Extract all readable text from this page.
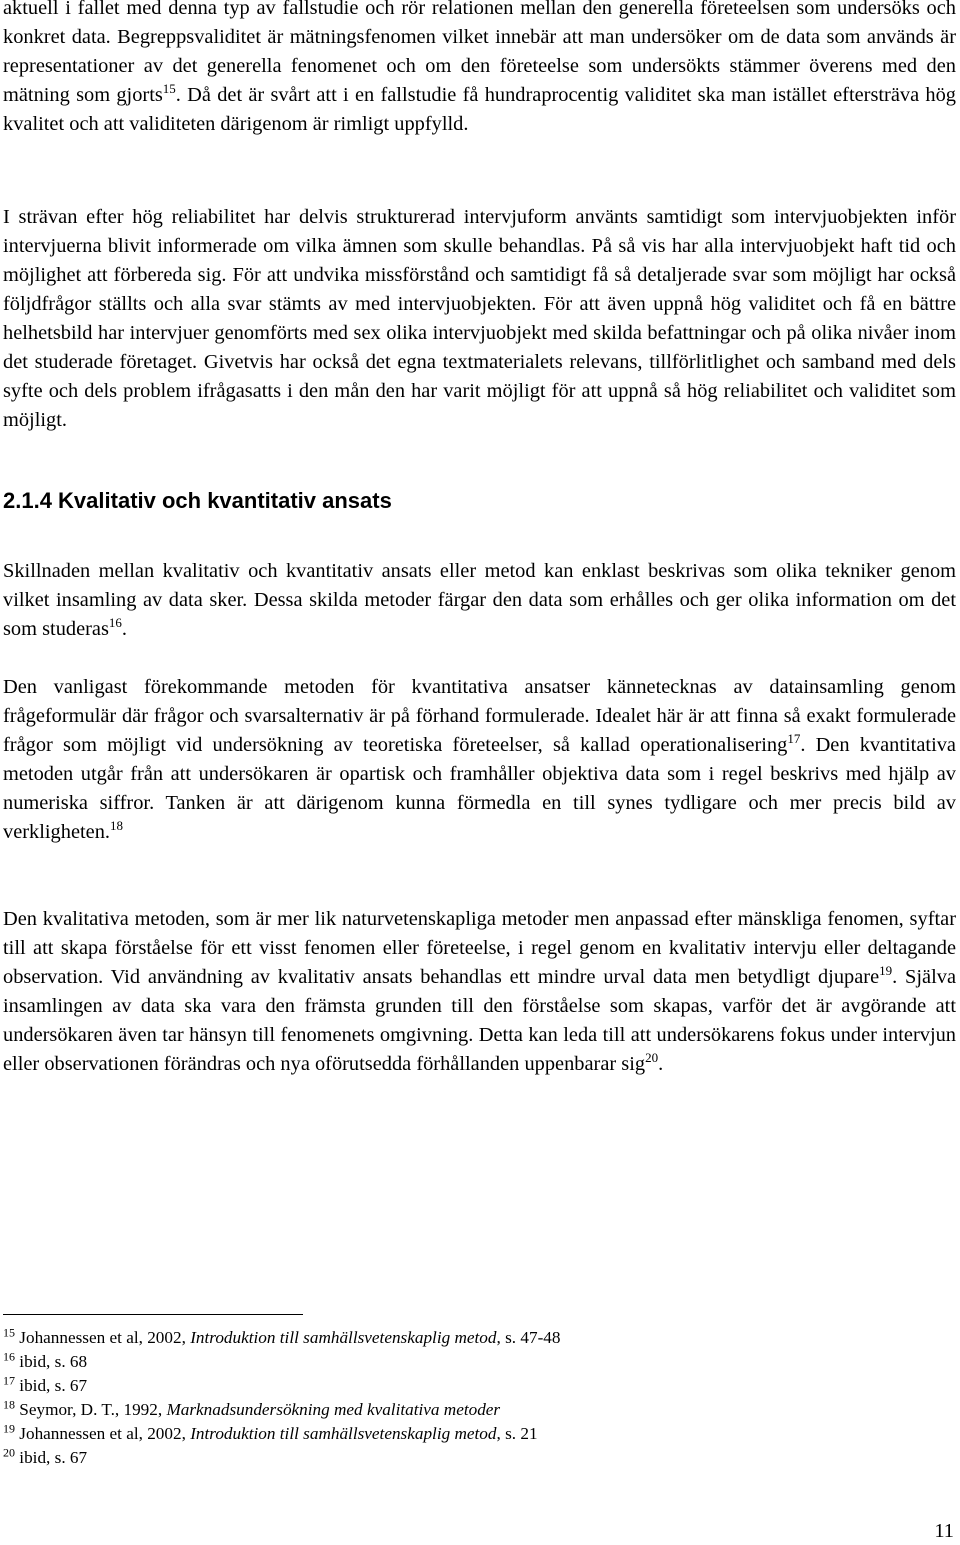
aktuell i fallet med denna typ av fallstudie och rör relationen mellan den generella företeelsen som undersöks och konkret data. Begreppsvaliditet är mätningsfenomen vilket innebär att man undersöker om de data som används är representationer av det generella fenomenet och om den företeelse som undersökts stämmer överens med den mätning som gjorts$^{15}$. Då det är svårt att i en fallstudie få hundraprocentig validitet ska man istället eftersträva hög kvalitet och att validiteten därigenom är rimligt uppfylld.

I strävan efter hög reliabilitet har delvis strukturerad intervjuform använts samtidigt som intervjuobjekten inför intervjuerna blivit informerade om vilka ämnen som skulle behandlas. På så vis har alla intervjuobjekt haft tid och möjlighet att förbereda sig. För att undvika missförstånd och samtidigt få så detaljerade svar som möjligt har också följdfrågor ställts och alla svar stämts av med intervjuobjekten. För att även uppnå hög validitet och få en bättre helhetsbild har intervjuer genomförts med sex olika intervjuobjekt med skilda befattningar och på olika nivåer inom det studerade företaget. Givetvis har också det egna textmaterialets relevans, tillförlitlighet och samband med dels syfte och dels problem ifrågasatts i den mån den har varit möjligt för att uppnå så hög reliabilitet och validitet som möjligt.

2.1.4 Kvalitativ och kvantitativ ansats

Skillnaden mellan kvalitativ och kvantitativ ansats eller metod kan enklast beskrivas som olika tekniker genom vilket insamling av data sker. Dessa skilda metoder färgar den data som erhålles och ger olika information om det som studeras$^{16}$.

Den vanligast förekommande metoden för kvantitativa ansatser kännetecknas av datainsamling genom frågeformulär där frågor och svarsalternativ är på förhand formulerade. Idealet här är att finna så exakt formulerade frågor som möjligt vid undersökning av teoretiska företeelser, så kallad operationalisering$^{17}$. Den kvantitativa metoden utgår från att undersökaren är opartisk och framhåller objektiva data som i regel beskrivs med hjälp av numeriska siffror. Tanken är att därigenom kunna förmedla en till synes tydligare och mer precis bild av verkligheten.$^{18}$

Den kvalitativa metoden, som är mer lik naturvetenskapliga metoder men anpassad efter mänskliga fenomen, syftar till att skapa förståelse för ett visst fenomen eller företeelse, i regel genom en kvalitativ intervju eller deltagande observation. Vid användning av kvalitativ ansats behandlas ett mindre urval data men betydligt djupare$^{19}$. Själva insamlingen av data ska vara den främsta grunden till den förståelse som skapas, varför det är avgörande att undersökaren även tar hänsyn till fenomenets omgivning. Detta kan leda till att undersökarens fokus under intervjun eller observationen förändras och nya oförutsedda förhållanden uppenbarar sig$^{20}$.

$^{15}$ Johannessen et al, 2002, Introduktion till samhällsvetenskaplig metod, s. 47-48
$^{16}$ ibid, s. 68
$^{17}$ ibid, s. 67
$^{18}$ Seymor, D. T., 1992, Marknadsundersökning med kvalitativa metoder
$^{19}$ Johannessen et al, 2002, Introduktion till samhällsvetenskaplig metod, s. 21
$^{20}$ ibid, s. 67
11
